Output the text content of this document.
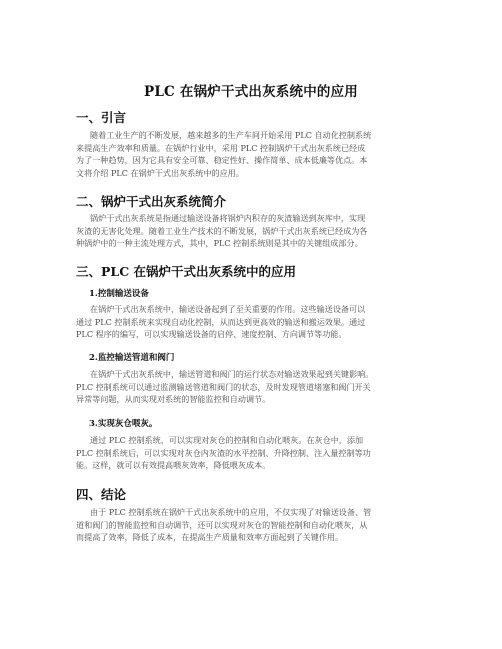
PLC 在锅炉干式出灰系统中的应用
一、引言
随着工业生产的不断发展，越来越多的生产车间开始采用 PLC 自动化控制系统
来提高生产效率和质量。在锅炉行业中，采用 PLC 控制锅炉干式出灰系统已经成
为了一种趋势，因为它具有安全可靠、稳定性好、操作简单、成本低廉等优点。本
文将介绍 PLC 在锅炉干式出灰系统中的应用。
二、锅炉干式出灰系统简介
锅炉干式出灰系统是指通过输送设备将锅炉内积存的灰渣输送到灰库中，实现
灰渣的无害化处理。随着工业生产技术的不断发展，锅炉干式出灰系统已经成为各
种锅炉中的一种主流处理方式，其中，PLC 控制系统则是其中的关键组成部分。
三、PLC 在锅炉干式出灰系统中的应用
1.控制输送设备
在锅炉干式出灰系统中，输送设备起到了至关重要的作用。这些输送设备可以
通过 PLC 控制系统来实现自动化控制，从而达到更高效的输送和搬运效果。通过
PLC 程序的编写，可以实现输送设备的启停、速度控制、方向调节等功能。
2.监控输送管道和阀门
在锅炉干式出灰系统中，输送管道和阀门的运行状态对输送效果起到关键影响。
PLC 控制系统可以通过监测输送管道和阀门的状态，及时发现管道堵塞和阀门开关
异常等问题，从而实现对系统的智能监控和自动调节。
3.实现灰仓喂灰。
通过 PLC 控制系统，可以实现对灰仓的控制和自动化喂灰。在灰仓中，添加
PLC 控制系统后，可以实现对灰仓内灰渣的水平控制、升降控制、注入量控制等功
能。这样，就可以有效提高喂灰效率，降低喂灰成本。
四、结论
由于 PLC 控制系统在锅炉干式出灰系统中的应用，不仅实现了对输送设备、管
道和阀门的智能监控和自动调节，还可以实现对灰仓的智能控制和自动化喂灰，从
而提高了效率，降低了成本，在提高生产质量和效率方面起到了关键作用。
